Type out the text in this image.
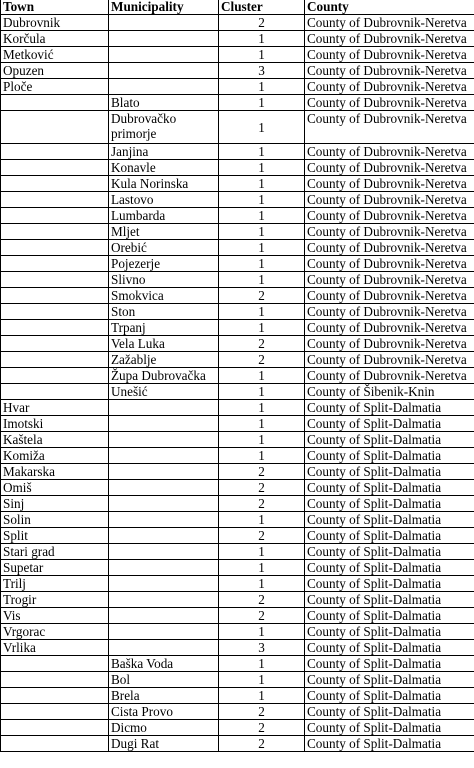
Town	Municipality	Cluster	County
Dubrovnik		2	County of Dubrovnik-Neretva
Korčula		1	County of Dubrovnik-Neretva
Metković		1	County of Dubrovnik-Neretva
Opuzen		3	County of Dubrovnik-Neretva
Ploče		1	County of Dubrovnik-Neretva
	Blato	1	County of Dubrovnik-Neretva
	Dubrovačko primorje	1	County of Dubrovnik-Neretva
	Janjina	1	County of Dubrovnik-Neretva
	Konavle	1	County of Dubrovnik-Neretva
	Kula Norinska	1	County of Dubrovnik-Neretva
	Lastovo	1	County of Dubrovnik-Neretva
	Lumbarda	1	County of Dubrovnik-Neretva
	Mljet	1	County of Dubrovnik-Neretva
	Orebić	1	County of Dubrovnik-Neretva
	Pojezerje	1	County of Dubrovnik-Neretva
	Slivno	1	County of Dubrovnik-Neretva
	Smokvica	2	County of Dubrovnik-Neretva
	Ston	1	County of Dubrovnik-Neretva
	Trpanj	1	County of Dubrovnik-Neretva
	Vela Luka	2	County of Dubrovnik-Neretva
	Zažablje	2	County of Dubrovnik-Neretva
	Župa Dubrovačka	1	County of Dubrovnik-Neretva
	Unešić	1	County of Šibenik-Knin
Hvar		1	County of Split-Dalmatia
Imotski		1	County of Split-Dalmatia
Kaštela		1	County of Split-Dalmatia
Komiža		1	County of Split-Dalmatia
Makarska		2	County of Split-Dalmatia
Omiš		2	County of Split-Dalmatia
Sinj		2	County of Split-Dalmatia
Solin		1	County of Split-Dalmatia
Split		2	County of Split-Dalmatia
Stari grad		1	County of Split-Dalmatia
Supetar		1	County of Split-Dalmatia
Trilj		1	County of Split-Dalmatia
Trogir		2	County of Split-Dalmatia
Vis		2	County of Split-Dalmatia
Vrgorac		1	County of Split-Dalmatia
Vrlika		3	County of Split-Dalmatia
	Baška Voda	1	County of Split-Dalmatia
	Bol	1	County of Split-Dalmatia
	Brela	1	County of Split-Dalmatia
	Cista Provo	2	County of Split-Dalmatia
	Dicmo	2	County of Split-Dalmatia
	Dugi Rat	2	County of Split-Dalmatia
